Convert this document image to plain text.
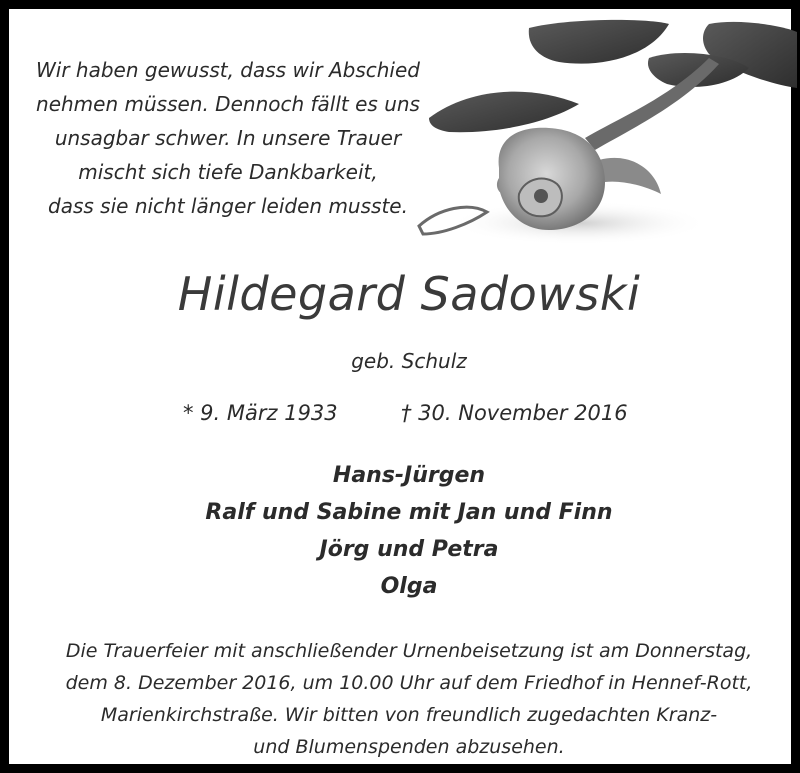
Wir haben gewusst, dass wir Abschied
nehmen müssen. Dennoch fällt es uns
unsagbar schwer. In unsere Trauer
mischt sich tiefe Dankbarkeit,
dass sie nicht länger leiden musste.
Hildegard Sadowski
geb. Schulz
* 9. März 1933	† 30. November 2016
Hans-Jürgen
Ralf und Sabine mit Jan und Finn
Jörg und Petra
Olga
Die Trauerfeier mit anschließender Urnenbeisetzung ist am Donnerstag,
dem 8. Dezember 2016, um 10.00 Uhr auf dem Friedhof in Hennef-Rott,
Marienkirchstraße. Wir bitten von freundlich zugedachten Kranz-
und Blumenspenden abzusehen.
